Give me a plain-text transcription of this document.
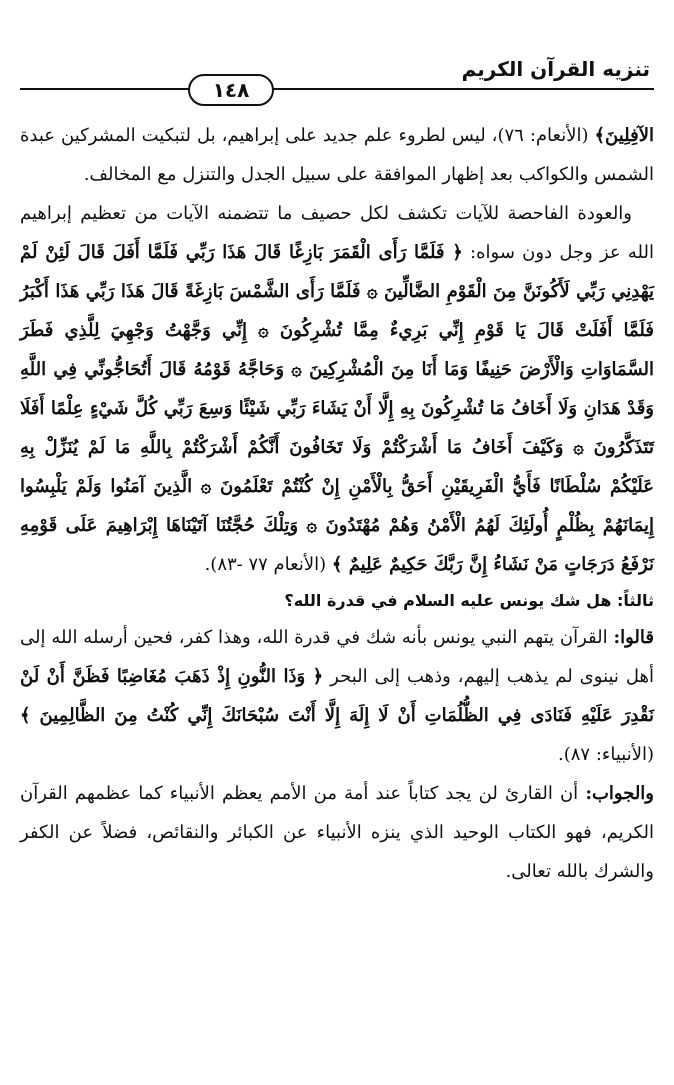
تنزيه القرآن الكريم
١٤٨

الآفِلِينَ﴾ (الأنعام: ٧٦)، ليس لطروء علم جديد على إبراهيم، بل لتبكيت المشركين عبدة الشمس والكواكب بعد إظهار الموافقة على سبيل الجدل والتنزل مع المخالف.

والعودة الفاحصة للآيات تكشف لكل حصيف ما تتضمنه الآيات من تعظيم إبراهيم الله عز وجل دون سواه: ﴿ فَلَمَّا رَأَى الْقَمَرَ بَازِغًا قَالَ هَذَا رَبِّي فَلَمَّا أَفَلَ قَالَ لَئِنْ لَمْ يَهْدِنِي رَبِّي لَأَكُونَنَّ مِنَ الْقَوْمِ الضَّالِّينَ ۞ فَلَمَّا رَأَى الشَّمْسَ بَازِغَةً قَالَ هَذَا رَبِّي هَذَا أَكْبَرُ فَلَمَّا أَفَلَتْ قَالَ يَا قَوْمِ إِنِّي بَرِيءٌ مِمَّا تُشْرِكُونَ ۞ إِنِّي وَجَّهْتُ وَجْهِيَ لِلَّذِي فَطَرَ السَّمَاوَاتِ وَالْأَرْضَ حَنِيفًا وَمَا أَنَا مِنَ الْمُشْرِكِينَ ۞ وَحَاجَّهُ قَوْمُهُ قَالَ أَتُحَاجُّونِّي فِي اللَّهِ وَقَدْ هَدَانِ وَلَا أَخَافُ مَا تُشْرِكُونَ بِهِ إِلَّا أَنْ يَشَاءَ رَبِّي شَيْئًا وَسِعَ رَبِّي كُلَّ شَيْءٍ عِلْمًا أَفَلَا تَتَذَكَّرُونَ ۞ وَكَيْفَ أَخَافُ مَا أَشْرَكْتُمْ وَلَا تَخَافُونَ أَنَّكُمْ أَشْرَكْتُمْ بِاللَّهِ مَا لَمْ يُنَزِّلْ بِهِ عَلَيْكُمْ سُلْطَانًا فَأَيُّ الْفَرِيقَيْنِ أَحَقُّ بِالْأَمْنِ إِنْ كُنْتُمْ تَعْلَمُونَ ۞ الَّذِينَ آمَنُوا وَلَمْ يَلْبِسُوا إِيمَانَهُمْ بِظُلْمٍ أُولَئِكَ لَهُمُ الْأَمْنُ وَهُمْ مُهْتَدُونَ ۞ وَتِلْكَ حُجَّتُنَا آتَيْنَاهَا إِبْرَاهِيمَ عَلَى قَوْمِهِ نَرْفَعُ دَرَجَاتٍ مَنْ نَشَاءُ إِنَّ رَبَّكَ حَكِيمٌ عَلِيمٌ ﴾ (الأنعام ٧٧ -٨٣).

ثالثاً: هل شك يونس عليه السلام في قدرة الله؟

قالوا: القرآن يتهم النبي يونس بأنه شك في قدرة الله، وهذا كفر، فحين أرسله الله إلى أهل نينوى لم يذهب إليهم، وذهب إلى البحر ﴿ وَذَا النُّونِ إِذْ ذَهَبَ مُغَاضِبًا فَظَنَّ أَنْ لَنْ نَقْدِرَ عَلَيْهِ فَنَادَى فِي الظُّلُمَاتِ أَنْ لَا إِلَهَ إِلَّا أَنْتَ سُبْحَانَكَ إِنِّي كُنْتُ مِنَ الظَّالِمِينَ ﴾ (الأنبياء: ٨٧).

والجواب: أن القارئ لن يجد كتاباً عند أمة من الأمم يعظم الأنبياء كما عظمهم القرآن الكريم، فهو الكتاب الوحيد الذي ينزه الأنبياء عن الكبائر والنقائص، فضلاً عن الكفر والشرك بالله تعالى.
